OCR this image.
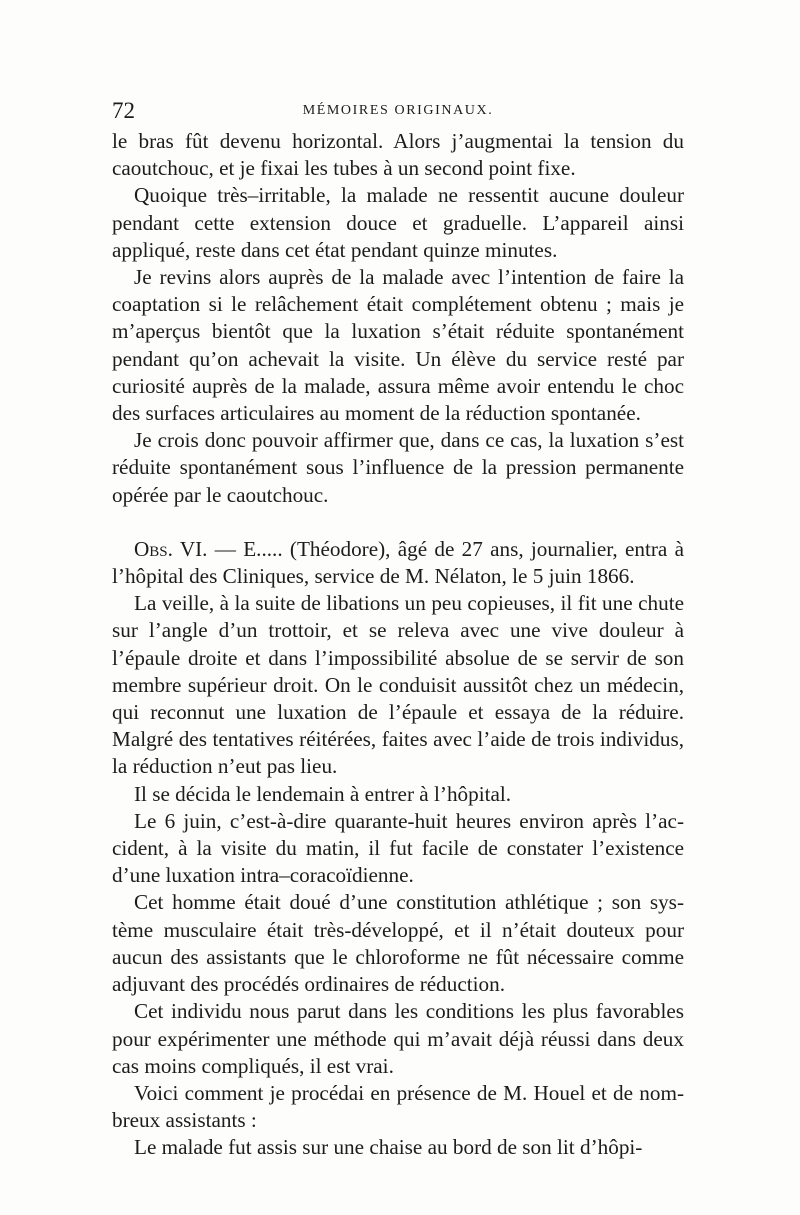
72	MÉMOIRES ORIGINAUX.

le bras fût devenu horizontal. Alors j’augmentai la tension du caoutchouc, et je fixai les tubes à un second point fixe.

Quoique très–irritable, la malade ne ressentit aucune douleur pendant cette extension douce et graduelle. L’appareil ainsi appliqué, reste dans cet état pendant quinze minutes.

Je revins alors auprès de la malade avec l’intention de faire la coaptation si le relâchement était complétement obtenu ; mais je m’aperçus bientôt que la luxation s’était réduite spontanément pendant qu’on achevait la visite. Un élève du service resté par curiosité auprès de la malade, assura même avoir entendu le choc des surfaces articulaires au moment de la réduction spontanée.

Je crois donc pouvoir affirmer que, dans ce cas, la luxation s’est réduite spontanément sous l’influence de la pression permanente opérée par le caoutchouc.

Obs. VI. — E..... (Théodore), âgé de 27 ans, journalier, entra à l’hôpital des Cliniques, service de M. Nélaton, le 5 juin 1866.

La veille, à la suite de libations un peu copieuses, il fit une chute sur l’angle d’un trottoir, et se releva avec une vive douleur à l’épaule droite et dans l’impossibilité absolue de se servir de son membre supérieur droit. On le conduisit aussitôt chez un médecin, qui reconnut une luxation de l’épaule et essaya de la réduire. Malgré des tentatives réitérées, faites avec l’aide de trois individus, la réduction n’eut pas lieu.

Il se décida le lendemain à entrer à l’hôpital.

Le 6 juin, c’est-à-dire quarante-huit heures environ après l’accident, à la visite du matin, il fut facile de constater l’existence d’une luxation intra–coracoïdienne.

Cet homme était doué d’une constitution athlétique ; son système musculaire était très-développé, et il n’était douteux pour aucun des assistants que le chloroforme ne fût nécessaire comme adjuvant des procédés ordinaires de réduction.

Cet individu nous parut dans les conditions les plus favorables pour expérimenter une méthode qui m’avait déjà réussi dans deux cas moins compliqués, il est vrai.

Voici comment je procédai en présence de M. Houel et de nombreux assistants :

Le malade fut assis sur une chaise au bord de son lit d’hôpi-
